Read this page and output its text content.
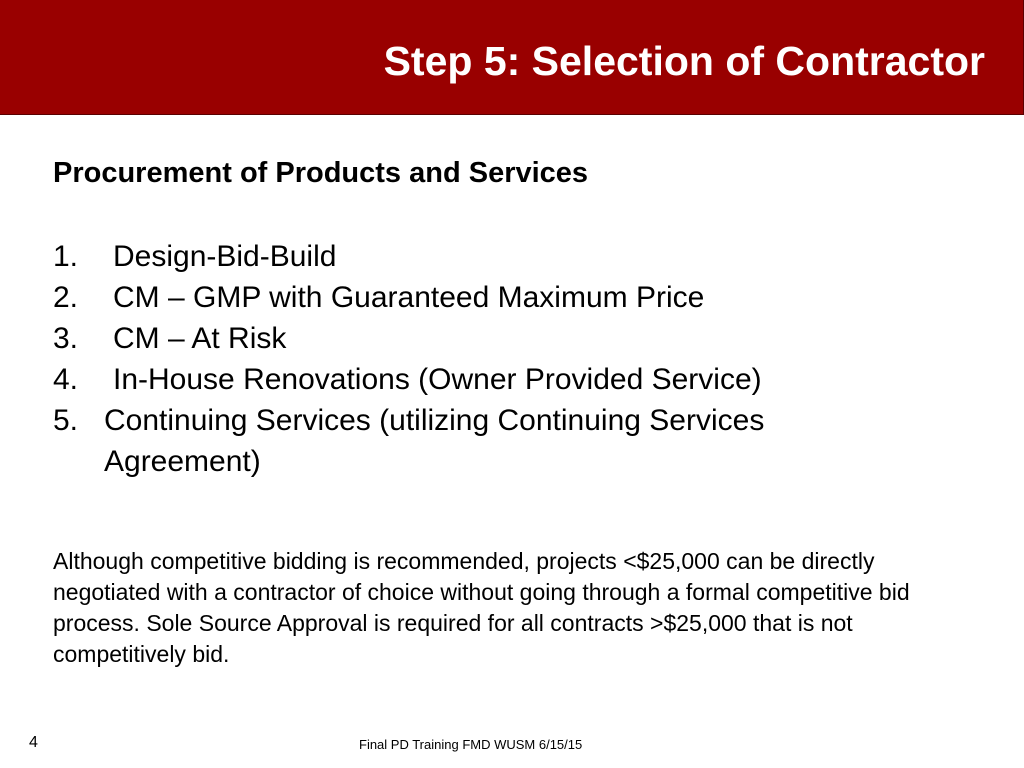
Step 5: Selection of Contractor
Procurement of Products and Services
1.	Design-Bid-Build
2.	CM – GMP with Guaranteed Maximum Price
3.	CM – At Risk
4.	In-House Renovations (Owner Provided Service)
5. Continuing Services (utilizing Continuing Services Agreement)
Although competitive bidding is recommended, projects <$25,000 can be directly negotiated with a contractor of choice without going through a formal competitive bid process. Sole Source Approval is required for all contracts >$25,000 that is not competitively bid.
4	Final PD Training FMD WUSM 6/15/15
